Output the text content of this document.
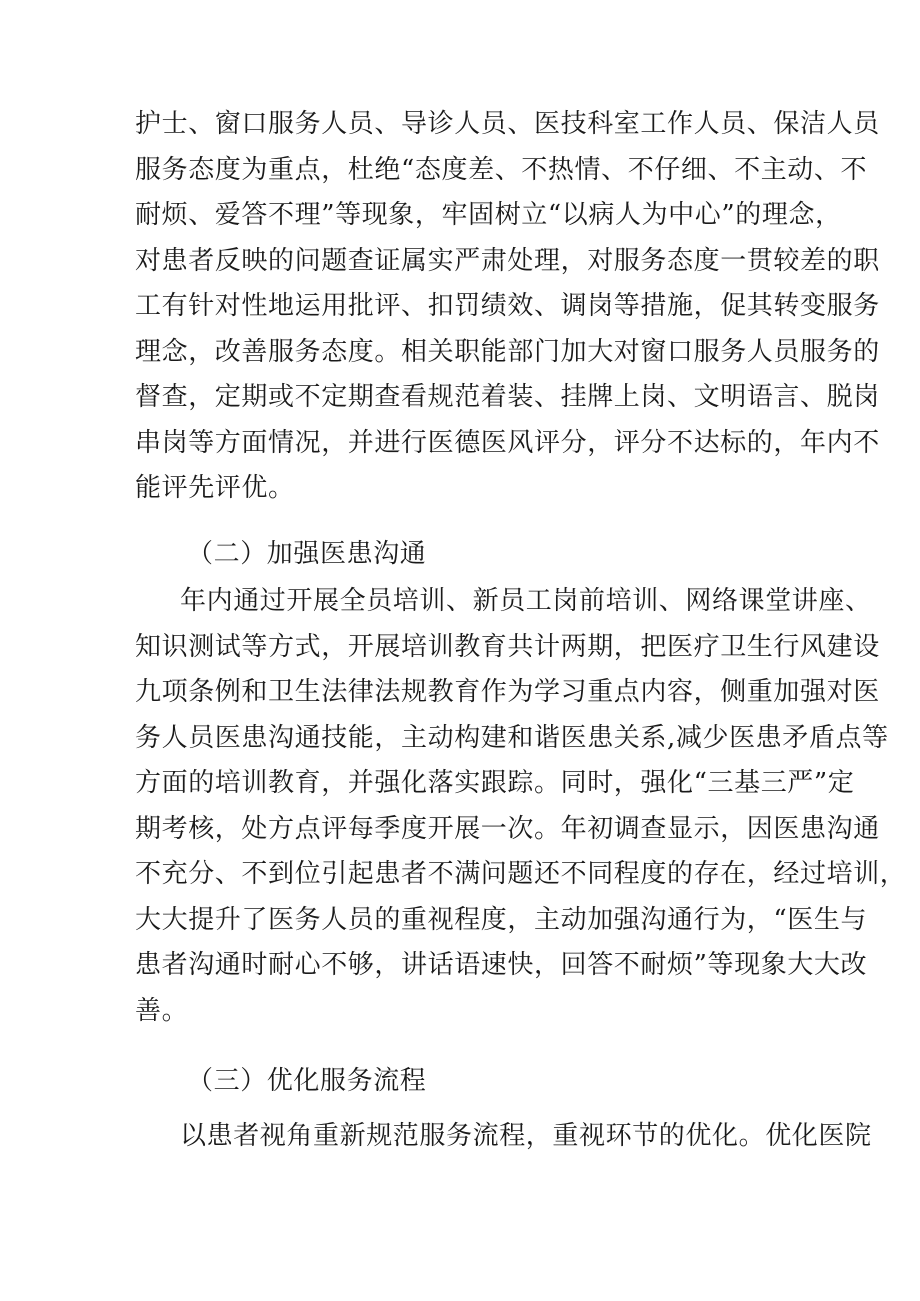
护士、窗口服务人员、导诊人员、医技科室工作人员、保洁人员
服务态度为重点，杜绝“态度差、不热情、不仔细、不主动、不
耐烦、爱答不理”等现象，牢固树立“以病人为中心”的理念，
对患者反映的问题查证属实严肃处理，对服务态度一贯较差的职
工有针对性地运用批评、扣罚绩效、调岗等措施，促其转变服务
理念，改善服务态度。相关职能部门加大对窗口服务人员服务的
督查，定期或不定期查看规范着装、挂牌上岗、文明语言、脱岗
串岗等方面情况，并进行医德医风评分，评分不达标的，年内不
能评先评优。
（二）加强医患沟通
年内通过开展全员培训、新员工岗前培训、网络课堂讲座、
知识测试等方式，开展培训教育共计两期，把医疗卫生行风建设
九项条例和卫生法律法规教育作为学习重点内容，侧重加强对医
务人员医患沟通技能，主动构建和谐医患关系,减少医患矛盾点等
方面的培训教育，并强化落实跟踪。同时，强化“三基三严”定
期考核，处方点评每季度开展一次。年初调查显示，因医患沟通
不充分、不到位引起患者不满问题还不同程度的存在，经过培训，
大大提升了医务人员的重视程度，主动加强沟通行为，“医生与
患者沟通时耐心不够，讲话语速快，回答不耐烦”等现象大大改
善。
（三）优化服务流程
以患者视角重新规范服务流程，重视环节的优化。优化医院
